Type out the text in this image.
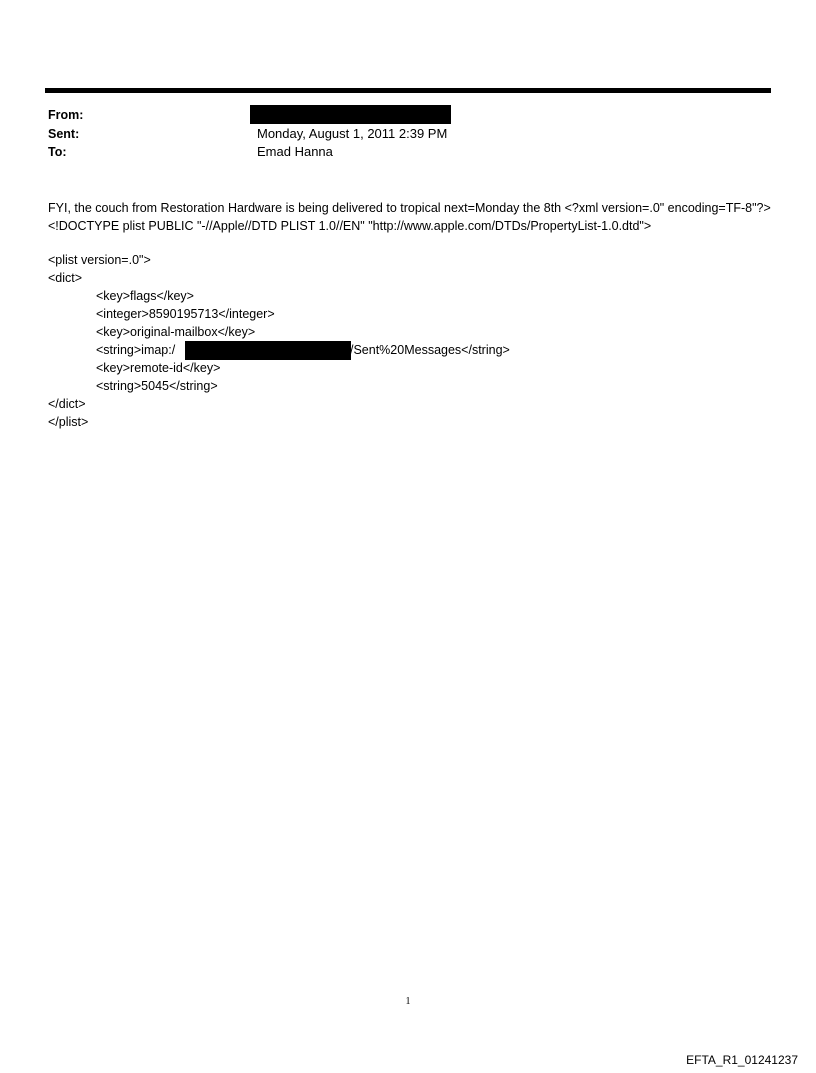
From:
Sent:	Monday, August 1, 2011 2:39 PM
To:	Emad Hanna
FYI, the couch from Restoration Hardware is being delivered to tropical next=Monday the 8th <?xml version=.0" encoding=TF-8"?> <!DOCTYPE plist PUBLIC "-//Apple//DTD PLIST 1.0//EN" "http://www.apple.com/DTDs/PropertyList-1.0.dtd">
<plist version=.0">
<dict>
<key>flags</key>
<integer>8590195713</integer>
<key>original-mailbox</key>
<string>imap:/	/Sent%20Messages</string>
<key>remote-id</key>
<string>5045</string>
</dict>
</plist>
1
EFTA_R1_01241237
